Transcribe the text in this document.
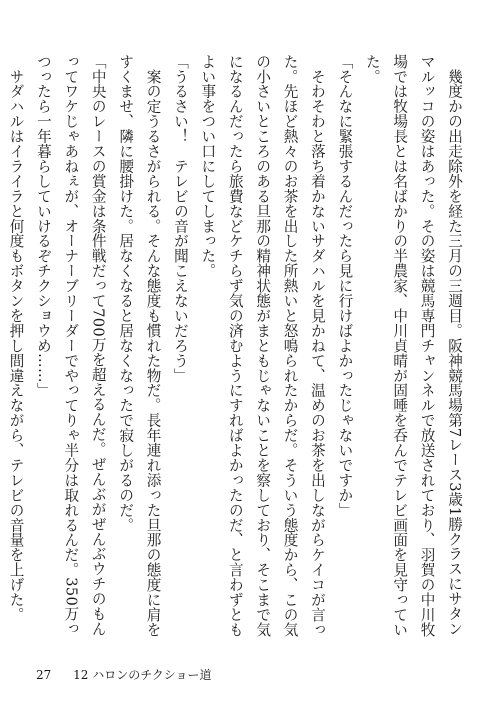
　幾度かの出走除外を経た三月の三週目。阪神競馬場第7レース3歳1勝クラスにサタンマルッコの姿はあった。その姿は競馬専門チャンネルで放送されており、羽賀の中川牧場では牧場長とは名ばかりの半農家、中川貞晴が固唾を呑んでテレビ画面を見守っていた。

「そんなに緊張するんだったら見に行けばよかったじゃないですか」

　そわそわと落ち着かないサダハルを見かねて、温めのお茶を出しながらケイコが言った。先ほど熱々のお茶を出した所熱いと怒鳴られたからだ。そういう態度から、この気の小さいところのある旦那の精神状態がまともじゃないことを察しており、そこまで気になるんだったら旅費などケチらず気の済むようにすればよかったのだ、と言わずともよい事をつい口にしてしまった。

「うるさい！　テレビの音が聞こえないだろう」

　案の定うるさがられる。そんな態度も慣れた物だ。長年連れ添った旦那の態度に肩をすくませ、隣に腰掛けた。居なくなると居なくなったで寂しがるのだ。

「中央のレースの賞金は条件戦だって700万を超えるんだ。ぜんぶがぜんぶウチのもんってワケじゃあねぇが、オーナーブリーダーでやってりゃ半分は取れるんだ。350万っつったら一年暮らしていけるぞチクショウめ……」

　サダハルはイライラと何度もボタンを押し間違えながら、テレビの音量を上げた。

27 12 ハロンのチクショー道
